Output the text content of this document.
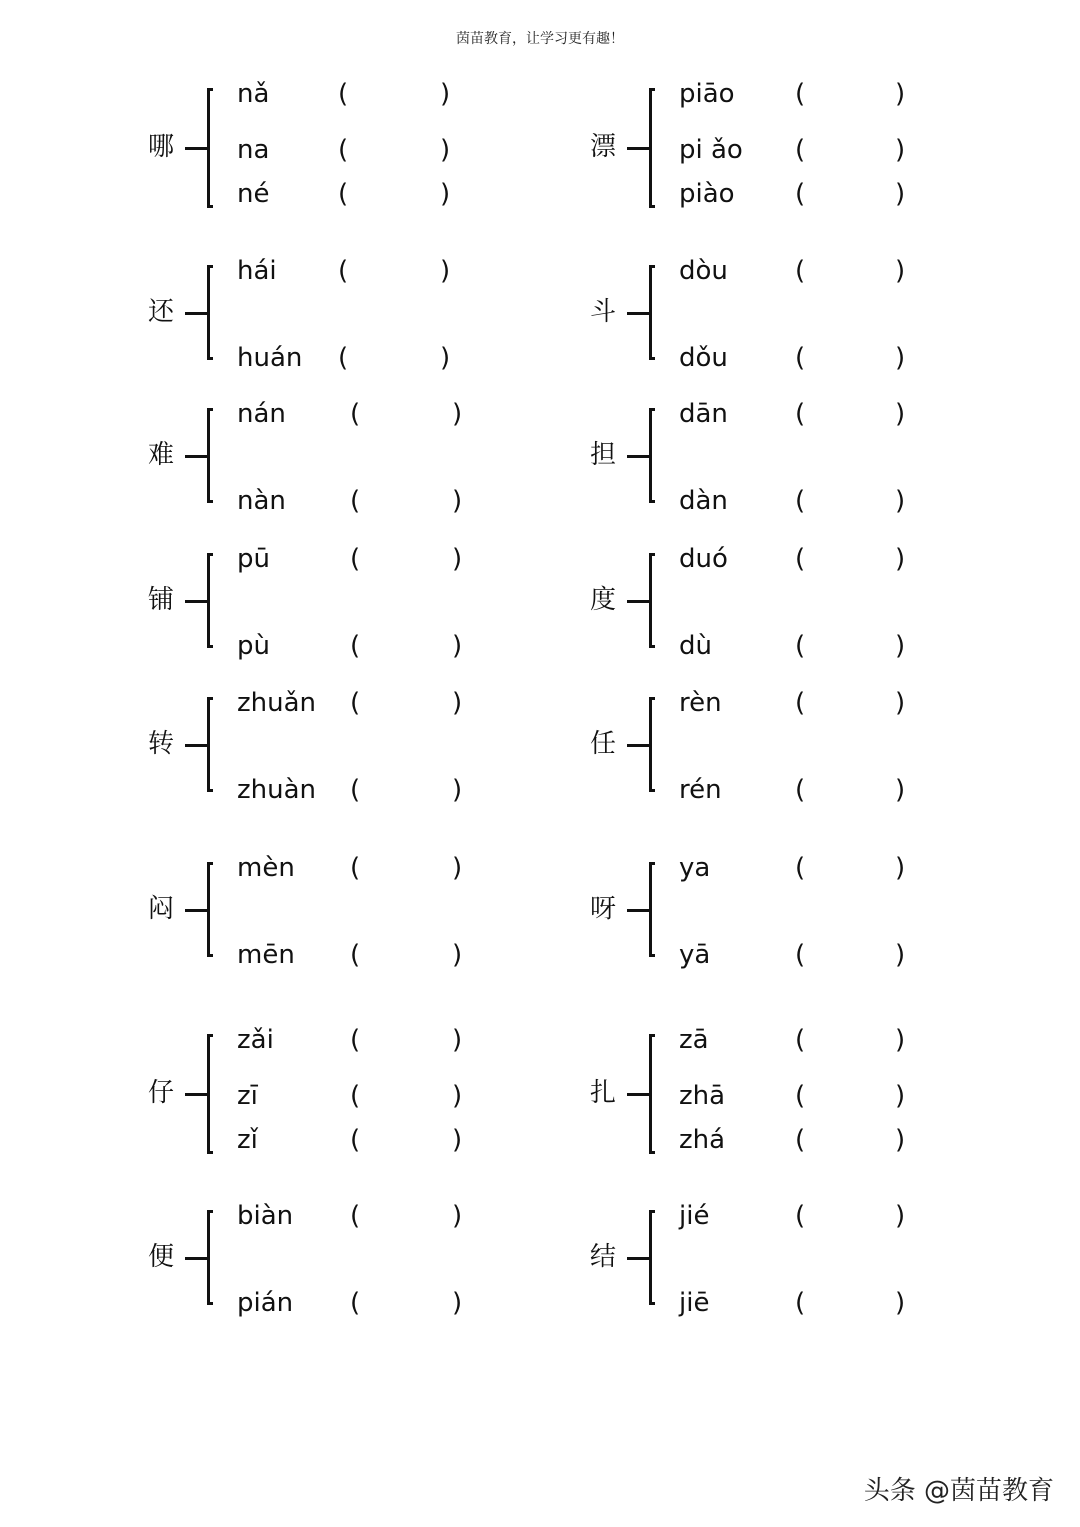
茵苗教育，让学习更有趣！
哪
nǎ	(	)
na	(	)
né	(	)
漂
piāo (	)
pi ǎo (	)
piào (	)
还
hái (	)
huán (	)
斗
dòu	(	)
dǒu	(	)
难
nán (	)
nàn (	)
担
dān	(	)
dàn	(	)
铺
pū	(	)
pù	(	)
度
duó	(	)
dù	(	)
转
zhuǎn (	)
zhuàn (	)
任
rèn	(	)
rén	(	)
闷
mèn (	)
mēn (	)
呀
ya	(	)
yā	(	)
仔
zǎi	(	)
zī	(	)
zǐ	(	)
扎
zā	(	)
zhā	(	)
zhá	(	)
便
biàn (	)
pián (	)
结
jié	(	)
jiē	(	)
头条 @茵苗教育
